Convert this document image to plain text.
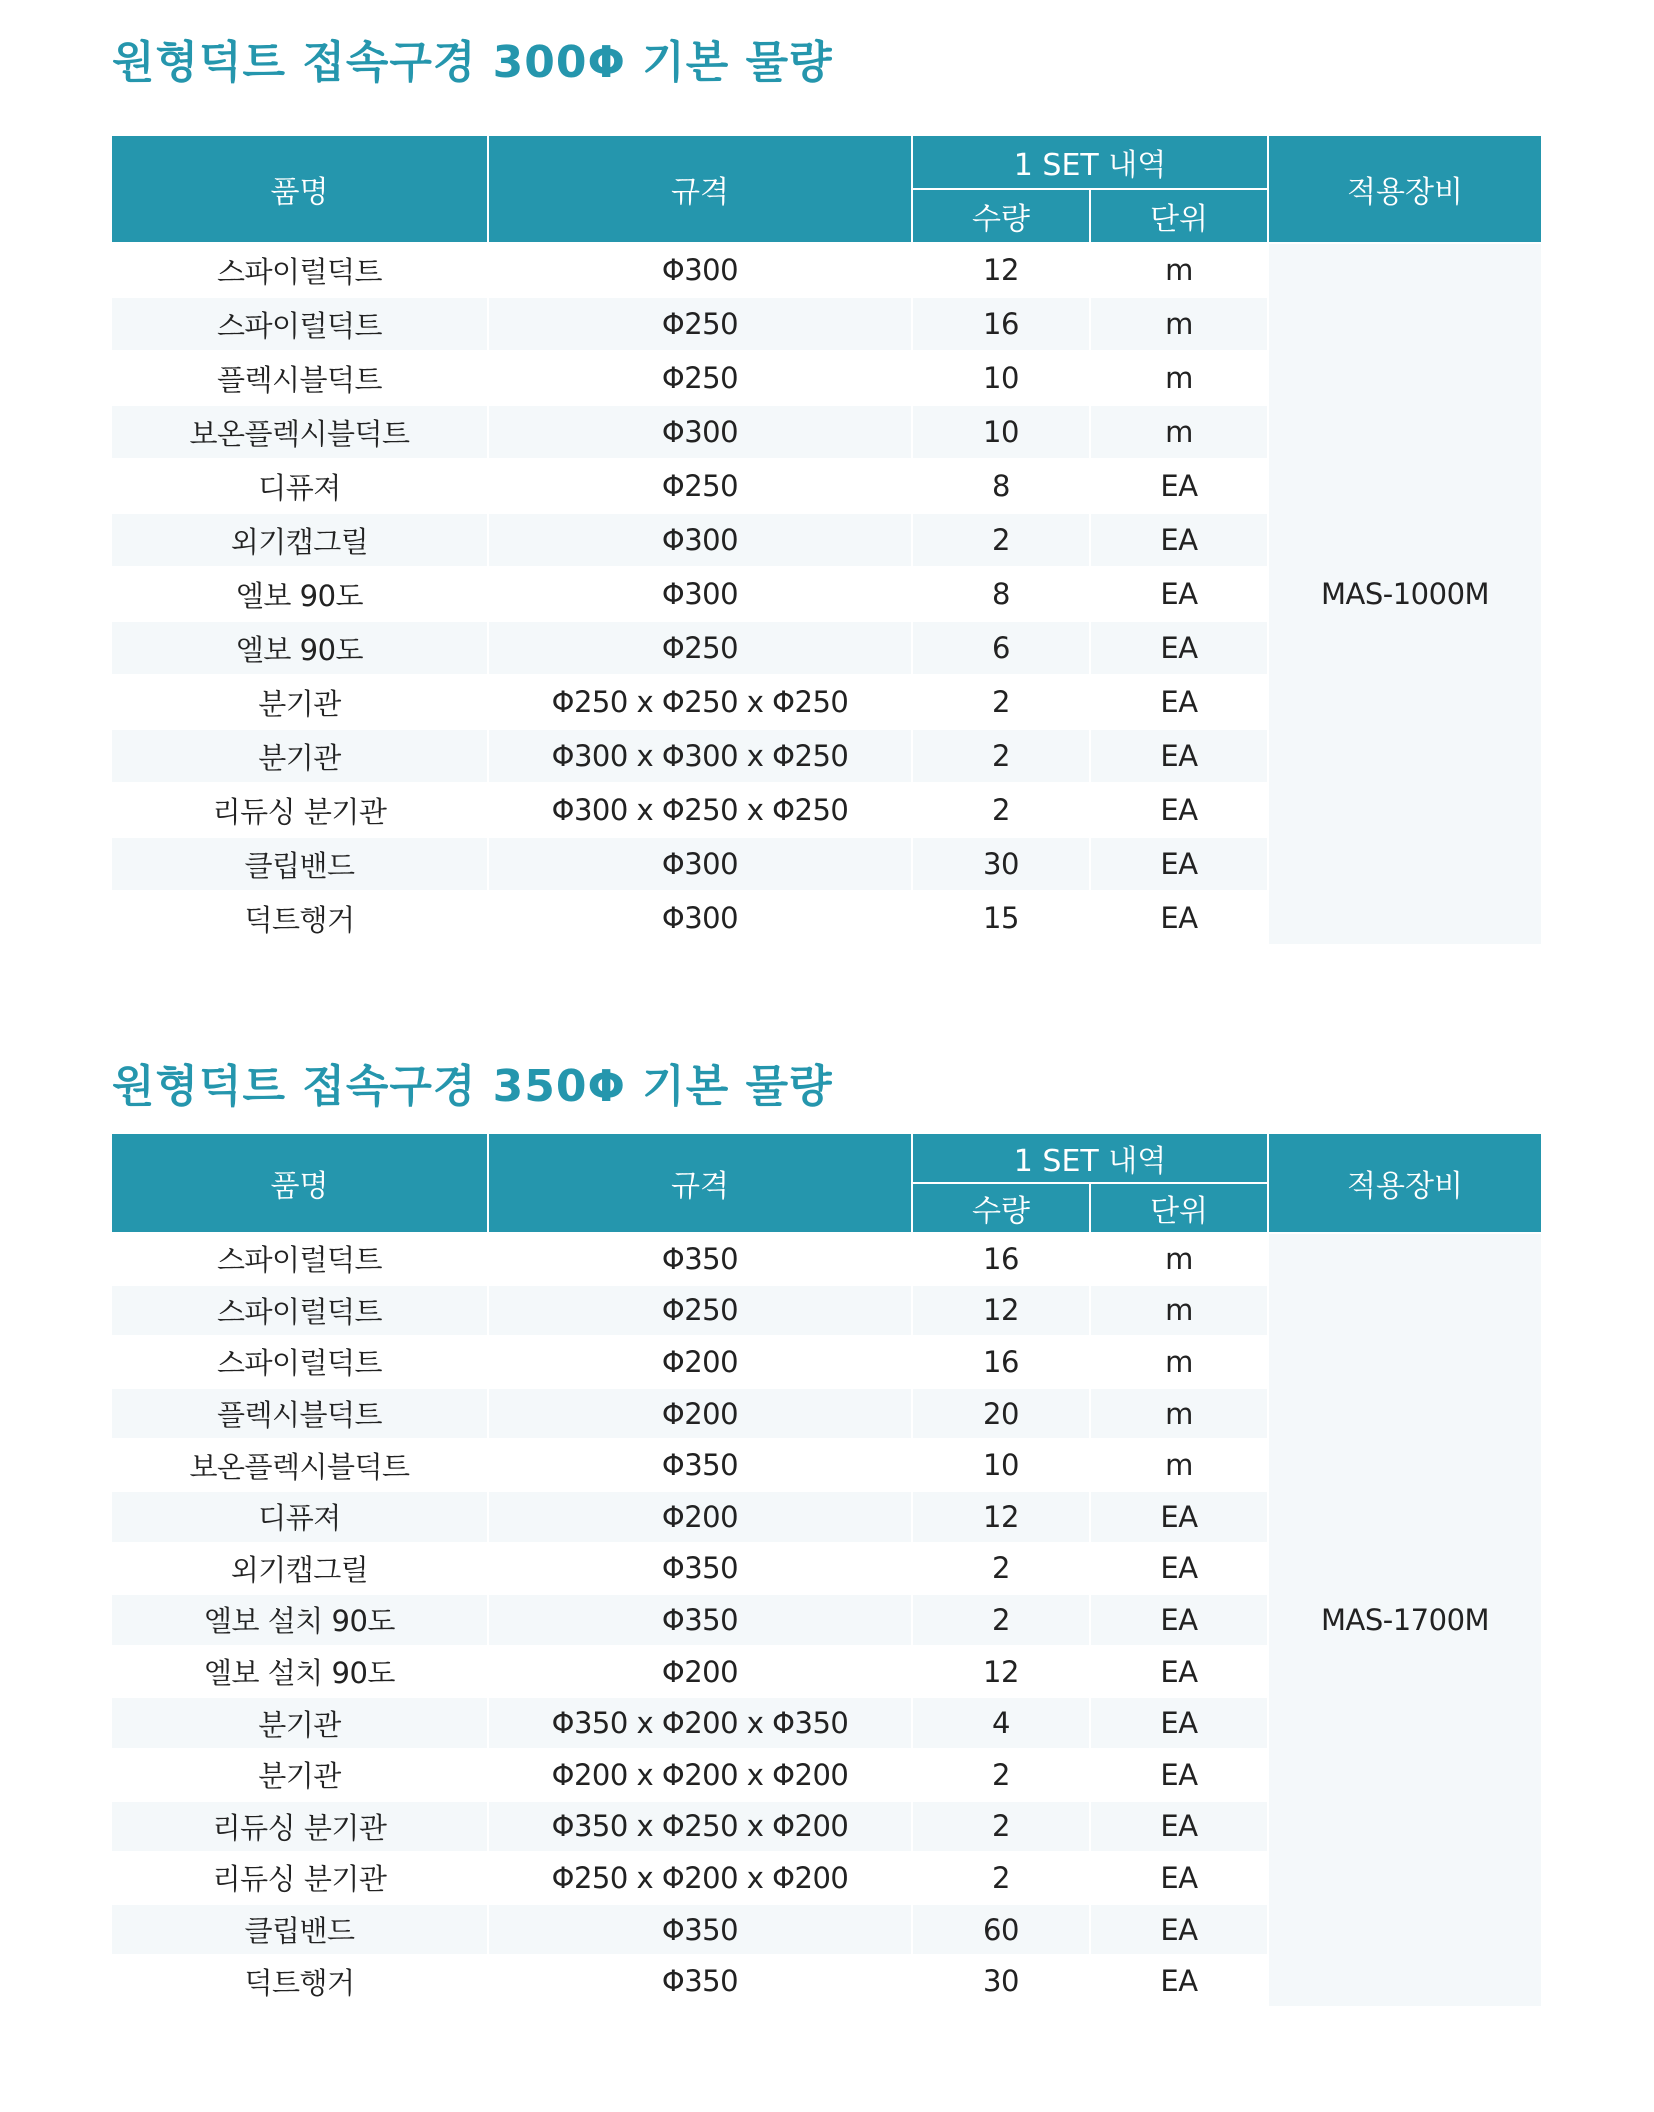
원형덕트 접속구경 300Φ 기본 물량
품명	규격	1 SET 내역		적용장비
		수량	단위	
스파이럴덕트	Φ300	12	m	MAS-1000M
스파이럴덕트	Φ250	16	m	
플렉시블덕트	Φ250	10	m	
보온플렉시블덕트	Φ300	10	m	
디퓨져	Φ250	8	EA	
외기캡그릴	Φ300	2	EA	
엘보 90도	Φ300	8	EA	
엘보 90도	Φ250	6	EA	
분기관	Φ250 x Φ250 x Φ250	2	EA	
분기관	Φ300 x Φ300 x Φ250	2	EA	
리듀싱 분기관	Φ300 x Φ250 x Φ250	2	EA	
클립밴드	Φ300	30	EA	
덕트행거	Φ300	15	EA	
원형덕트 접속구경 350Φ 기본 물량
품명	규격	1 SET 내역		적용장비
		수량	단위	
스파이럴덕트	Φ350	16	m	MAS-1700M
스파이럴덕트	Φ250	12	m	
스파이럴덕트	Φ200	16	m	
플렉시블덕트	Φ200	20	m	
보온플렉시블덕트	Φ350	10	m	
디퓨져	Φ200	12	EA	
외기캡그릴	Φ350	2	EA	
엘보 설치 90도	Φ350	2	EA	
엘보 설치 90도	Φ200	12	EA	
분기관	Φ350 x Φ200 x Φ350	4	EA	
분기관	Φ200 x Φ200 x Φ200	2	EA	
리듀싱 분기관	Φ350 x Φ250 x Φ200	2	EA	
리듀싱 분기관	Φ250 x Φ200 x Φ200	2	EA	
클립밴드	Φ350	60	EA	
덕트행거	Φ350	30	EA	
